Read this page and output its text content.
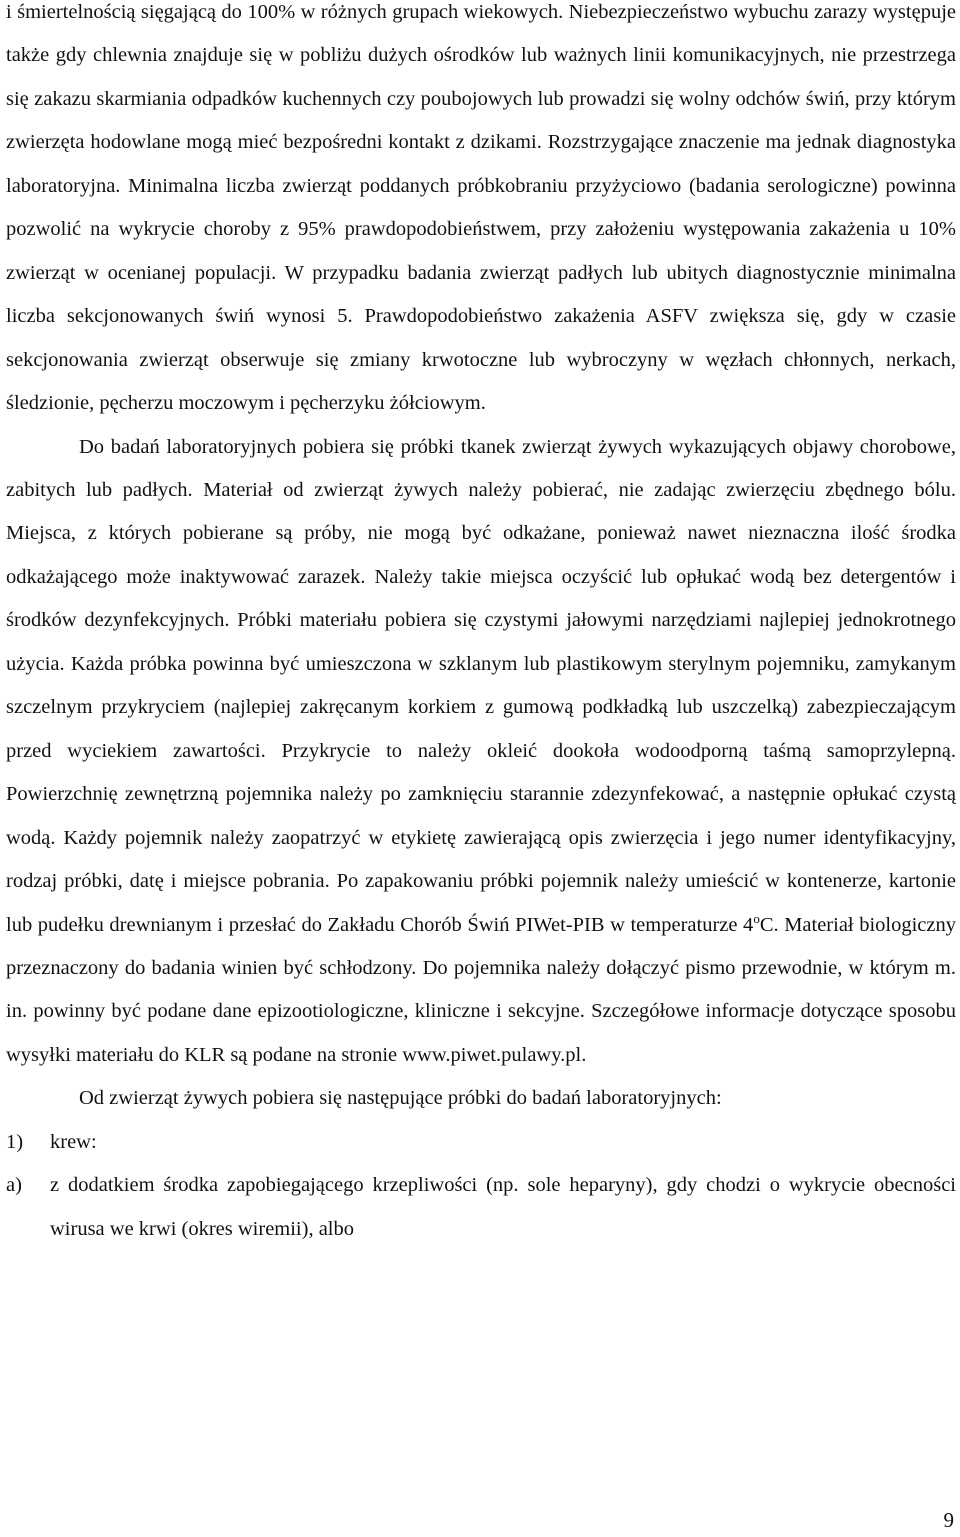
i śmiertelnością sięgającą do 100% w różnych grupach wiekowych. Niebezpieczeństwo wybuchu zarazy występuje także gdy chlewnia znajduje się w pobliżu dużych ośrodków lub ważnych linii komunikacyjnych, nie przestrzega się zakazu skarmiania odpadków kuchennych czy poubojowych lub prowadzi się wolny odchów świń, przy którym zwierzęta hodowlane mogą mieć bezpośredni kontakt z dzikami. Rozstrzygające znaczenie ma jednak diagnostyka laboratoryjna. Minimalna liczba zwierząt poddanych próbkobraniu przyżyciowo (badania serologiczne) powinna pozwolić na wykrycie choroby z 95% prawdopodobieństwem, przy założeniu występowania zakażenia u 10% zwierząt w ocenianej populacji. W przypadku badania zwierząt padłych lub ubitych diagnostycznie minimalna liczba sekcjonowanych świń wynosi 5. Prawdopodobieństwo zakażenia ASFV zwiększa się, gdy w czasie sekcjonowania zwierząt obserwuje się zmiany krwotoczne lub wybroczyny w węzłach chłonnych, nerkach, śledzionie, pęcherzu moczowym i pęcherzyku żółciowym.

Do badań laboratoryjnych pobiera się próbki tkanek zwierząt żywych wykazujących objawy chorobowe, zabitych lub padłych. Materiał od zwierząt żywych należy pobierać, nie zadając zwierzęciu zbędnego bólu. Miejsca, z których pobierane są próby, nie mogą być odkażane, ponieważ nawet nieznaczna ilość środka odkażającego może inaktywować zarazek. Należy takie miejsca oczyścić lub opłukać wodą bez detergentów i środków dezynfekcyjnych. Próbki materiału pobiera się czystymi jałowymi narzędziami najlepiej jednokrotnego użycia. Każda próbka powinna być umieszczona w szklanym lub plastikowym sterylnym pojemniku, zamykanym szczelnym przykryciem (najlepiej zakręcanym korkiem z gumową podkładką lub uszczelką) zabezpieczającym przed wyciekiem zawartości. Przykrycie to należy okleić dookoła wodoodporną taśmą samoprzylepną. Powierzchnię zewnętrzną pojemnika należy po zamknięciu starannie zdezynfekować, a następnie opłukać czystą wodą. Każdy pojemnik należy zaopatrzyć w etykietę zawierającą opis zwierzęcia i jego numer identyfikacyjny, rodzaj próbki, datę i miejsce pobrania. Po zapakowaniu próbki pojemnik należy umieścić w kontenerze, kartonie lub pudełku drewnianym i przesłać do Zakładu Chorób Świń PIWet-PIB w temperaturze 4$^o$C. Materiał biologiczny przeznaczony do badania winien być schłodzony. Do pojemnika należy dołączyć pismo przewodnie, w którym m. in. powinny być podane dane epizootiologiczne, kliniczne i sekcyjne. Szczegółowe informacje dotyczące sposobu wysyłki materiału do KLR są podane na stronie www.piwet.pulawy.pl.

Od zwierząt żywych pobiera się następujące próbki do badań laboratoryjnych:

1)	krew:
a)	z dodatkiem środka zapobiegającego krzepliwości (np. sole heparyny), gdy chodzi o wykrycie obecności wirusa we krwi (okres wiremii), albo
9
